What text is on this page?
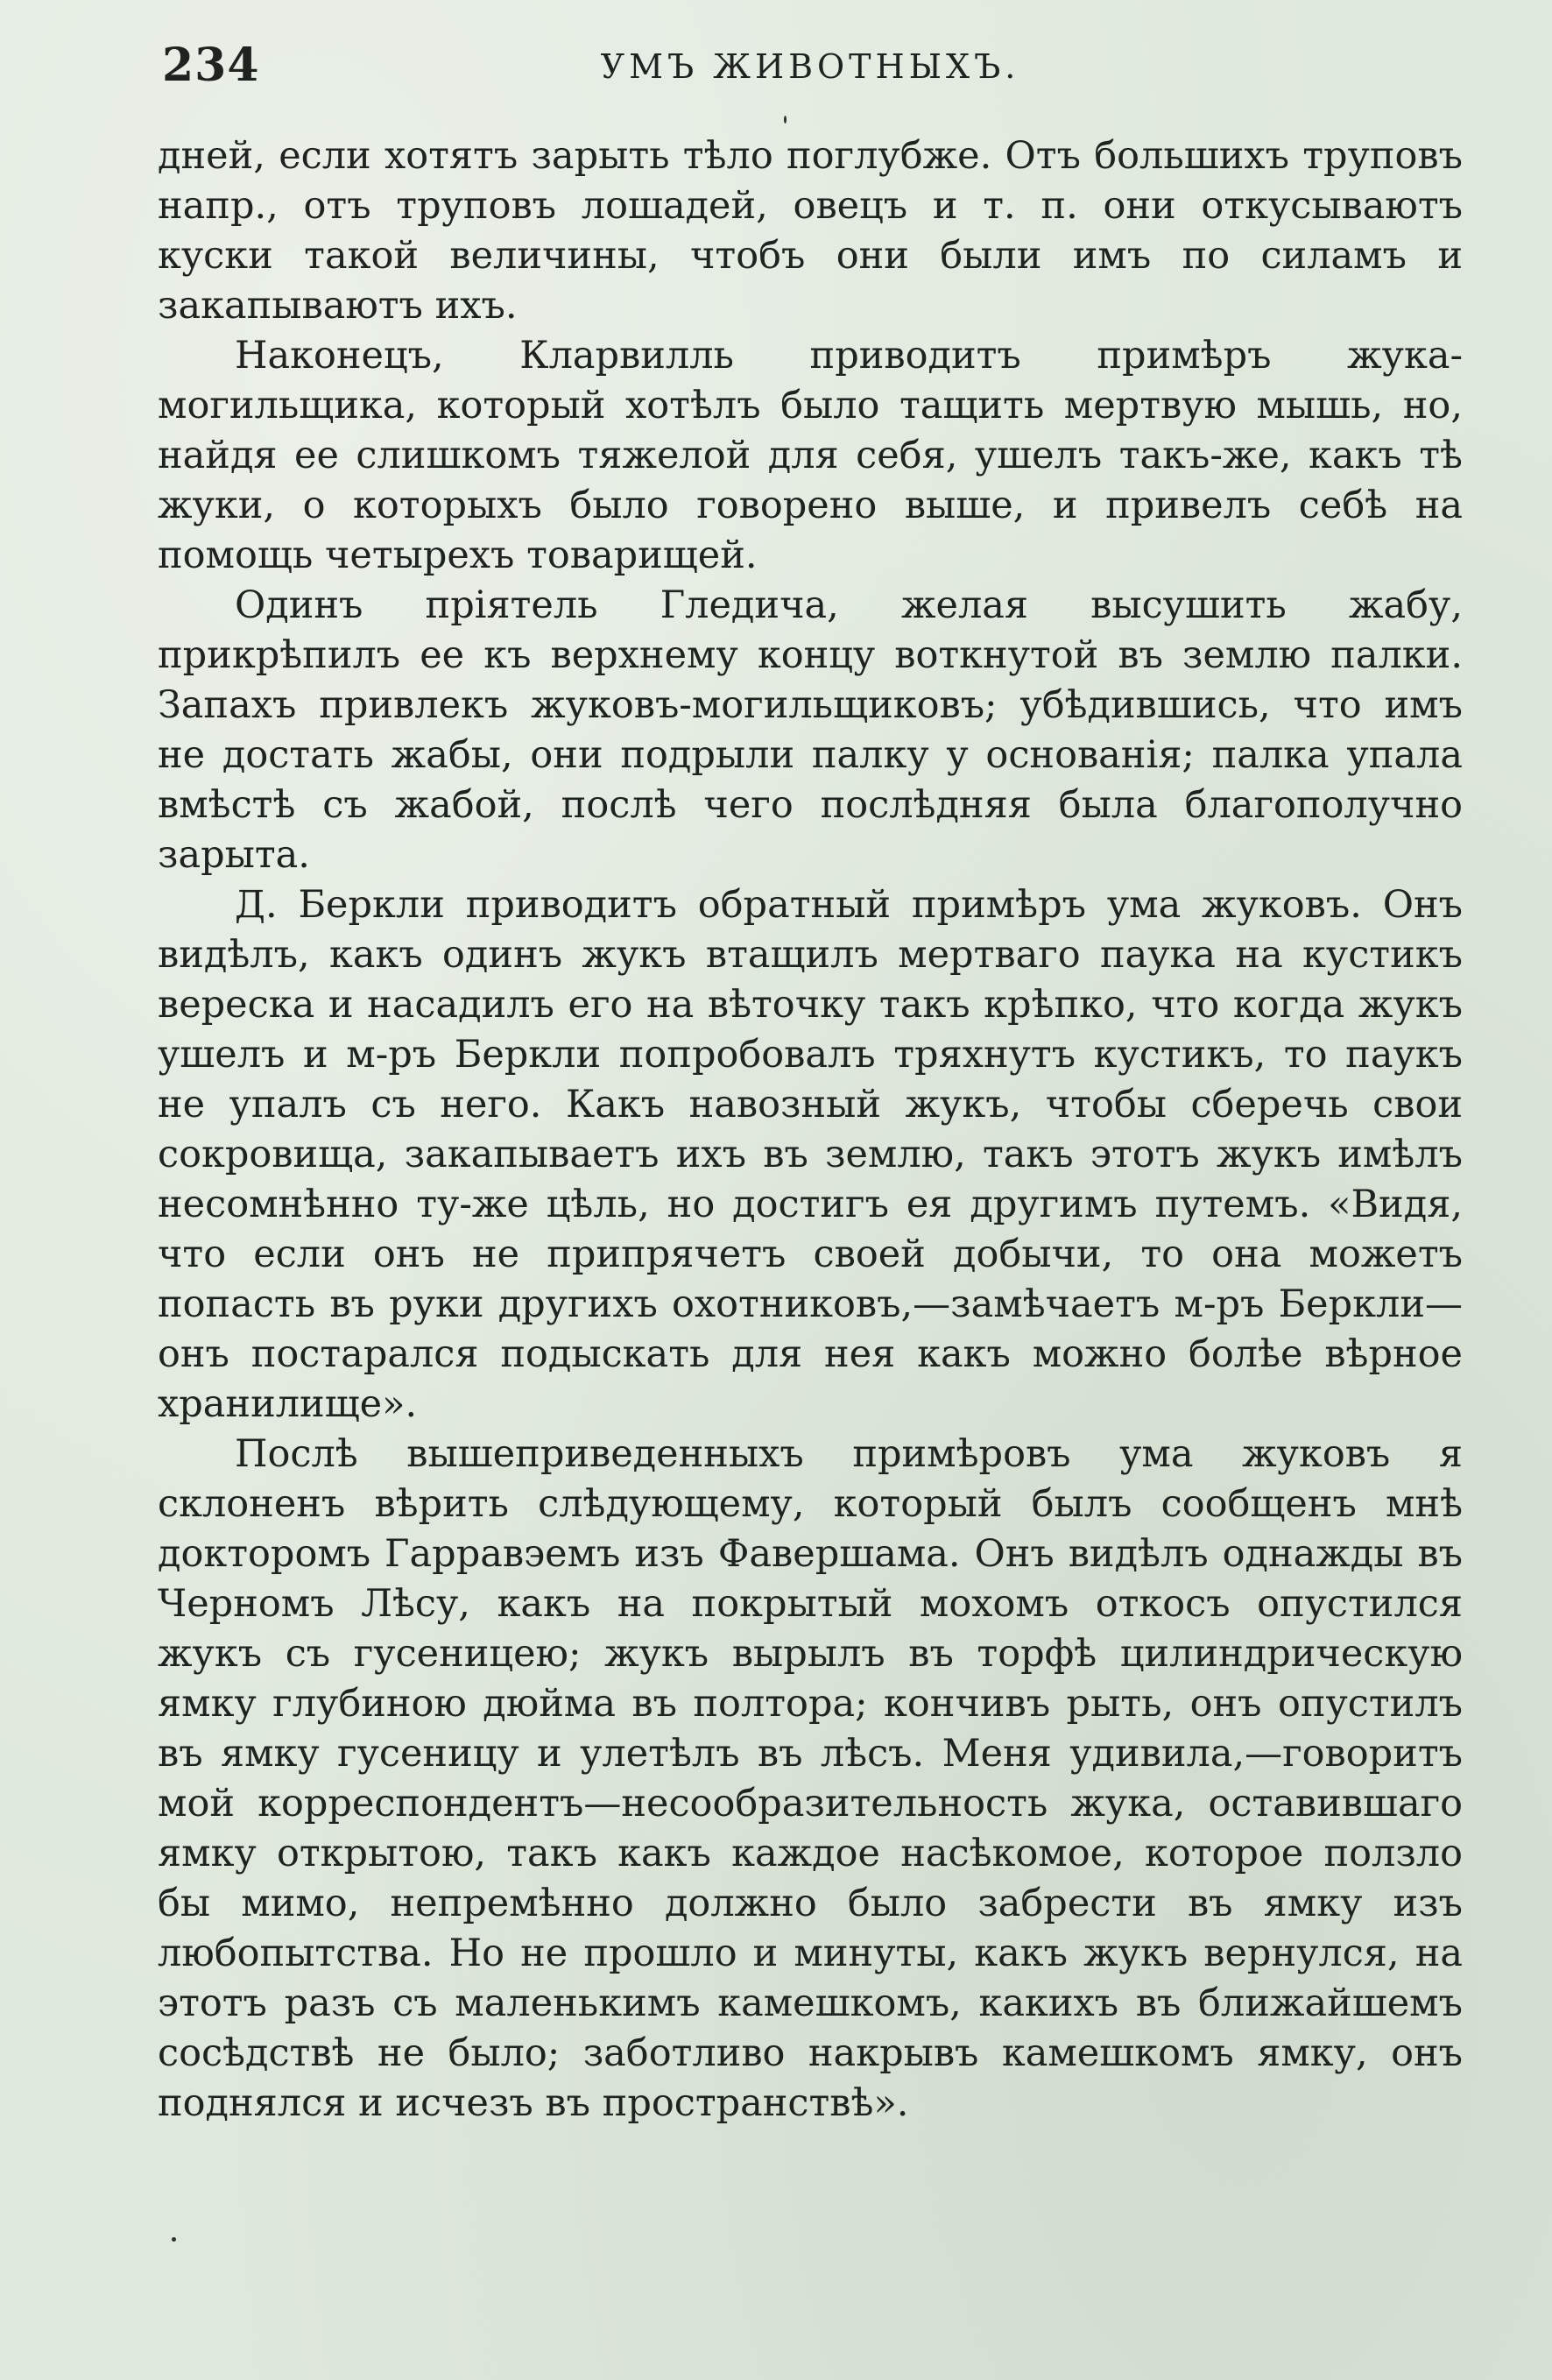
234	УМЪ ЖИВОТНЫХЪ.

дней, если хотятъ зарыть тѣло поглубже. Отъ большихъ труповъ напр., отъ труповъ лошадей, овецъ и т. п. они откусываютъ куски такой величины, чтобъ они были имъ по силамъ и закапываютъ ихъ.

Наконецъ, Кларвилль приводитъ примѣръ жука-могильщика, который хотѣлъ было тащить мертвую мышь, но, найдя ее слишкомъ тяжелой для себя, ушелъ такъ-же, какъ тѣ жуки, о которыхъ было говорено выше, и привелъ себѣ на помощь четырехъ товарищей.

Одинъ пріятель Гледича, желая высушить жабу, прикрѣпилъ ее къ верхнему концу воткнутой въ землю палки. Запахъ привлекъ жуковъ-могильщиковъ; убѣдившись, что имъ не достать жабы, они подрыли палку у основанія; палка упала вмѣстѣ съ жабой, послѣ чего послѣдняя была благополучно зарыта.

Д. Беркли приводитъ обратный примѣръ ума жуковъ. Онъ видѣлъ, какъ одинъ жукъ втащилъ мертваго паука на кустикъ вереска и насадилъ его на вѣточку такъ крѣпко, что когда жукъ ушелъ и м-ръ Беркли попробовалъ тряхнутъ кустикъ, то паукъ не упалъ съ него. Какъ навозный жукъ, чтобы сберечь свои сокровища, закапываетъ ихъ въ землю, такъ этотъ жукъ имѣлъ несомнѣнно ту-же цѣль, но достигъ ея другимъ путемъ. «Видя, что если онъ не припрячетъ своей добычи, то она можетъ попасть въ руки другихъ охотниковъ,—замѣчаетъ м-ръ Беркли—онъ постарался подыскать для нея какъ можно болѣе вѣрное хранилище».

Послѣ вышеприведенныхъ примѣровъ ума жуковъ я склоненъ вѣрить слѣдующему, который былъ сообщенъ мнѣ докторомъ Гарравэемъ изъ Фавершама. Онъ видѣлъ однажды въ Черномъ Лѣсу, какъ на покрытый мохомъ откосъ опустился жукъ съ гусеницею; жукъ вырылъ въ торфѣ цилиндрическую ямку глубиною дюйма въ полтора; кончивъ рыть, онъ опустилъ въ ямку гусеницу и улетѣлъ въ лѣсъ. Меня удивила,—говоритъ мой корреспондентъ—несообразительность жука, оставившаго ямку открытою, такъ какъ каждое насѣкомое, которое ползло бы мимо, непремѣнно должно было забрести въ ямку изъ любопытства. Но не прошло и минуты, какъ жукъ вернулся, на этотъ разъ съ маленькимъ камешкомъ, какихъ въ ближайшемъ сосѣдствѣ не было; заботливо накрывъ камешкомъ ямку, онъ поднялся и исчезъ въ пространствѣ».
